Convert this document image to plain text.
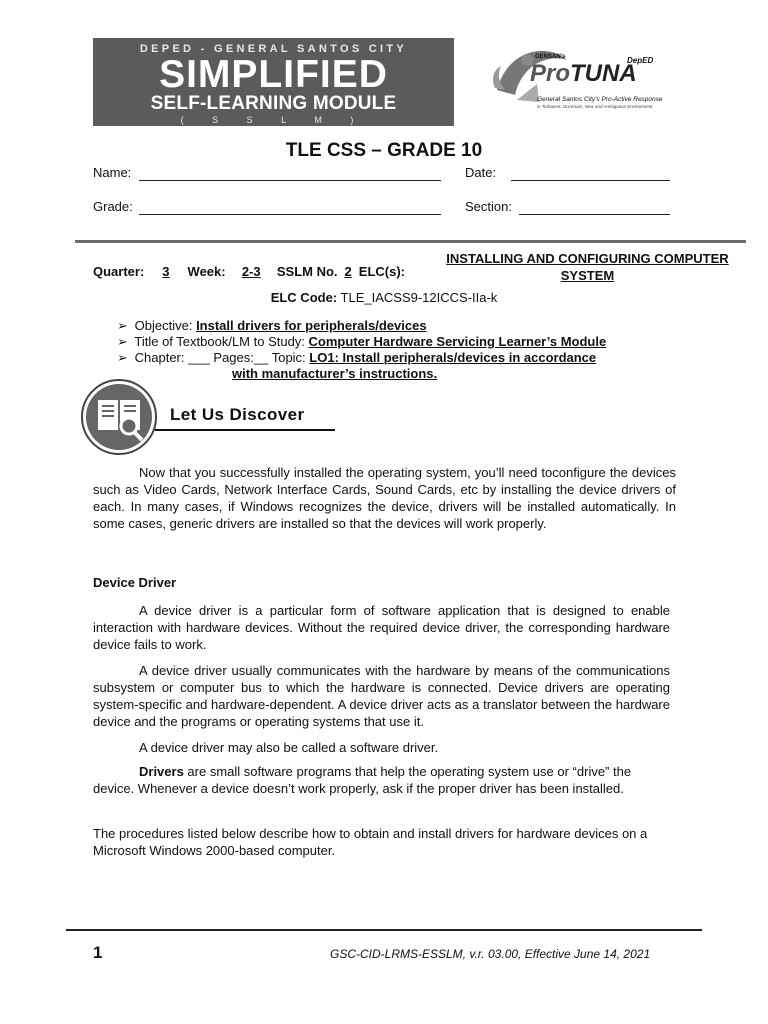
DEPED - GENERAL SANTOS CITY
SIMPLIFIED
SELF-LEARNING MODULE
( S S L M )
GENSAN's	DepED
ProTUNA
General Santos City's Pro-Active Response
in Turbulent, Uncertain, New and Ambiguous Environment
TLE CSS – GRADE 10
Name:	Date:
Grade:	Section:
Quarter: 3 Week: 2-3 SSLM No. 2 ELC(s):
INSTALLING AND CONFIGURING COMPUTER
SYSTEM
ELC Code: TLE_IACSS9-12ICCS-IIa-k
➢ Objective: Install drivers for peripherals/devices
➢ Title of Textbook/LM to Study: Computer Hardware Servicing Learner’s Module
➢ Chapter: ___ Pages:__ Topic: LO1: Install peripherals/devices in accordance
with manufacturer’s instructions.
Let Us Discover
Now that you successfully installed the operating system, you’ll need toconfigure the devices such as Video Cards, Network Interface Cards, Sound Cards, etc by installing the device drivers of each. In many cases, if Windows recognizes the device, drivers will be installed automatically. In some cases, generic drivers are installed so that the devices will work properly.
Device Driver
A device driver is a particular form of software application that is designed to enable interaction with hardware devices. Without the required device driver, the corresponding hardware device fails to work.
A device driver usually communicates with the hardware by means of the communications subsystem or computer bus to which the hardware is connected. Device drivers are operating system-specific and hardware-dependent. A device driver acts as a translator between the hardware device and the programs or operating systems that use it.
A device driver may also be called a software driver.
Drivers are small software programs that help the operating system use or “drive” the device. Whenever a device doesn’t work properly, ask if the proper driver has been installed.
The procedures listed below describe how to obtain and install drivers for hardware devices on a Microsoft Windows 2000-based computer.
1	GSC-CID-LRMS-ESSLM, v.r. 03.00, Effective June 14, 2021
